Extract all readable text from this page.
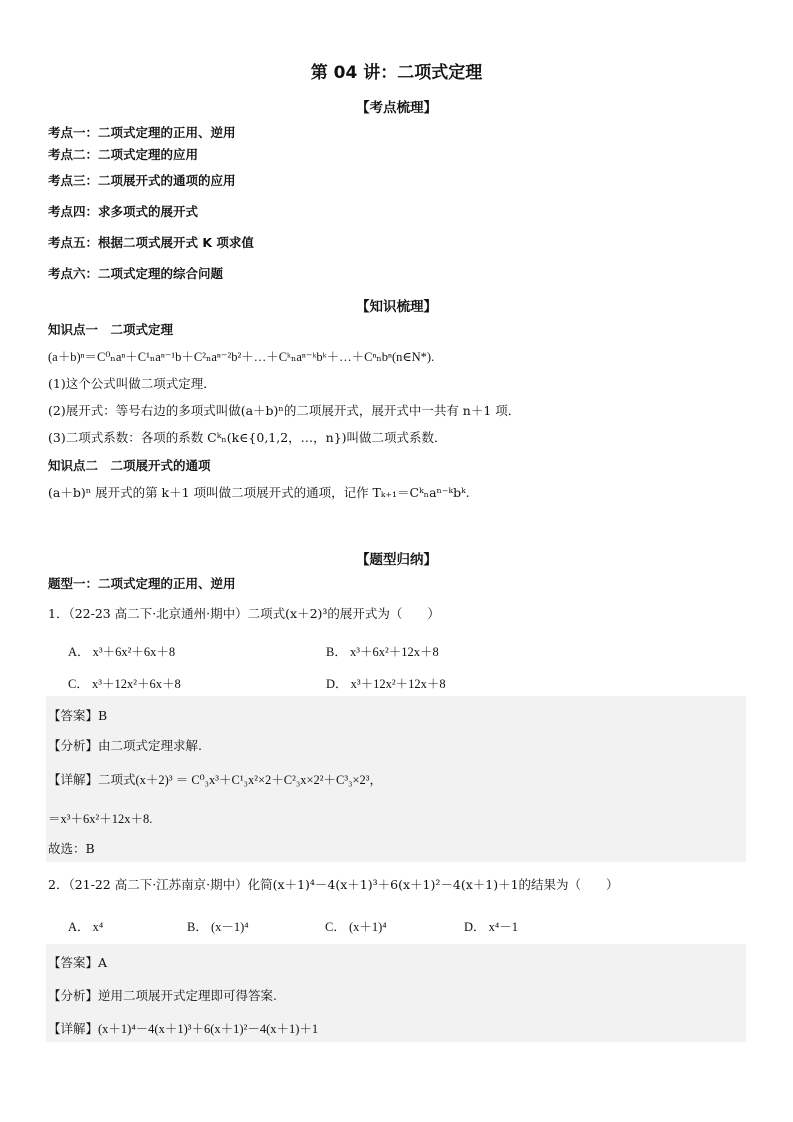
第 04 讲：二项式定理
【考点梳理】
考点一：二项式定理的正用、逆用
考点二：二项式定理的应用
考点三：二项展开式的通项的应用
考点四：求多项式的展开式
考点五：根据二项式展开式 K 项求值
考点六：二项式定理的综合问题
【知识梳理】
知识点一　二项式定理
(a＋b)ⁿ＝C⁰ₙaⁿ＋C¹ₙaⁿ⁻¹b＋C²ₙaⁿ⁻²b²＋…＋Cᵏₙaⁿ⁻ᵏbᵏ＋…＋Cⁿₙbⁿ(n∈N*).
(1)这个公式叫做二项式定理．
(2)展开式：等号右边的多项式叫做(a＋b)ⁿ的二项展开式，展开式中一共有 n＋1 项．
(3)二项式系数：各项的系数 Cᵏₙ(k∈{0,1,2，…，n})叫做二项式系数．
知识点二　二项展开式的通项
(a＋b)ⁿ 展开式的第 k＋1 项叫做二项展开式的通项，记作 Tₖ₊₁＝Cᵏₙaⁿ⁻ᵏbᵏ.
【题型归纳】
题型一：二项式定理的正用、逆用
1．（22-23 高二下·北京通州·期中）二项式(x＋2)³的展开式为（　　）
A． x³＋6x²＋6x＋8	B． x³＋6x²＋12x＋8
C． x³＋12x²＋6x＋8	D． x³＋12x²＋12x＋8
【答案】B
【分析】由二项式定理求解.
【详解】二项式(x＋2)³ ＝ C⁰₃x³＋C¹₃x²×2＋C²₃x×2²＋C³₃×2³，
＝x³＋6x²＋12x＋8.
故选：B
2．（21-22 高二下·江苏南京·期中）化简(x＋1)⁴－4(x＋1)³＋6(x＋1)²－4(x＋1)＋1的结果为（　　）
A． x⁴	B． (x－1)⁴	C． (x＋1)⁴	D． x⁴－1
【答案】A
【分析】逆用二项展开式定理即可得答案.
【详解】(x＋1)⁴－4(x＋1)³＋6(x＋1)²－4(x＋1)＋1
